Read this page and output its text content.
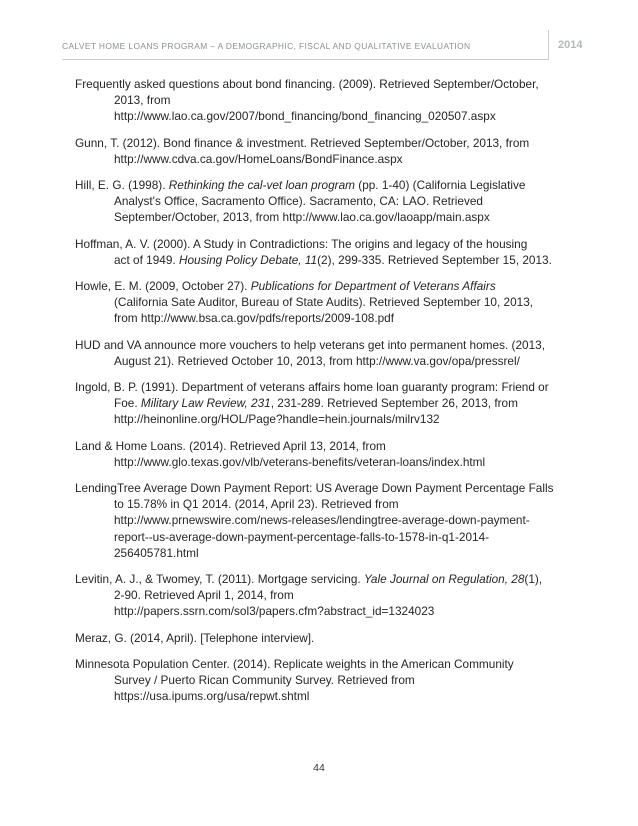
CALVET HOME LOANS PROGRAM – A DEMOGRAPHIC, FISCAL AND QUALITATIVE EVALUATION	2014
Frequently asked questions about bond financing. (2009). Retrieved September/October,
2013, from
http://www.lao.ca.gov/2007/bond_financing/bond_financing_020507.aspx
Gunn, T. (2012). Bond finance & investment. Retrieved September/October, 2013, from
http://www.cdva.ca.gov/HomeLoans/BondFinance.aspx
Hill, E. G. (1998). Rethinking the cal-vet loan program (pp. 1-40) (California Legislative
Analyst's Office, Sacramento Office). Sacramento, CA: LAO. Retrieved
September/October, 2013, from http://www.lao.ca.gov/laoapp/main.aspx
Hoffman, A. V. (2000). A Study in Contradictions: The origins and legacy of the housing
act of 1949. Housing Policy Debate, 11(2), 299-335. Retrieved September 15, 2013.
Howle, E. M. (2009, October 27). Publications for Department of Veterans Affairs
(California Sate Auditor, Bureau of State Audits). Retrieved September 10, 2013,
from http://www.bsa.ca.gov/pdfs/reports/2009-108.pdf
HUD and VA announce more vouchers to help veterans get into permanent homes. (2013,
August 21). Retrieved October 10, 2013, from http://www.va.gov/opa/pressrel/
Ingold, B. P. (1991). Department of veterans affairs home loan guaranty program: Friend or
Foe. Military Law Review, 231, 231-289. Retrieved September 26, 2013, from
http://heinonline.org/HOL/Page?handle=hein.journals/milrv132
Land & Home Loans. (2014). Retrieved April 13, 2014, from
http://www.glo.texas.gov/vlb/veterans-benefits/veteran-loans/index.html
LendingTree Average Down Payment Report: US Average Down Payment Percentage Falls
to 15.78% in Q1 2014. (2014, April 23). Retrieved from
http://www.prnewswire.com/news-releases/lendingtree-average-down-payment-
report--us-average-down-payment-percentage-falls-to-1578-in-q1-2014-
256405781.html
Levitin, A. J., & Twomey, T. (2011). Mortgage servicing. Yale Journal on Regulation, 28(1),
2-90. Retrieved April 1, 2014, from
http://papers.ssrn.com/sol3/papers.cfm?abstract_id=1324023
Meraz, G. (2014, April). [Telephone interview].
Minnesota Population Center. (2014). Replicate weights in the American Community
Survey / Puerto Rican Community Survey. Retrieved from
https://usa.ipums.org/usa/repwt.shtml
44
